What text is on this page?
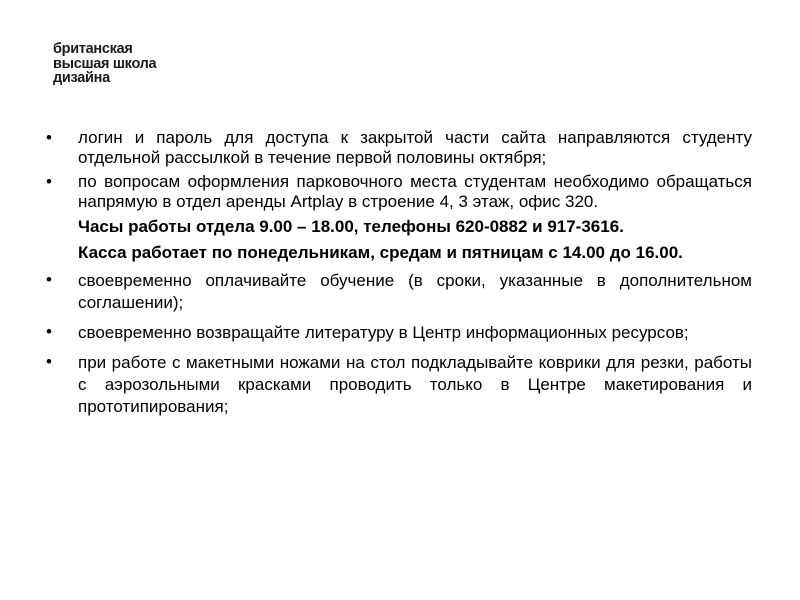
британская
высшая школа
дизайна
•	логин и пароль для доступа к закрытой части сайта направляются студенту отдельной рассылкой в течение первой половины октября;
•	по вопросам оформления парковочного места студентам необходимо обращаться напрямую в отдел аренды Artplay в строение 4, 3 этаж, офис 320.
Часы работы отдела 9.00 – 18.00, телефоны 620-0882 и 917-3616.
Касса работает по понедельникам, средам и пятницам с 14.00 до 16.00.
•	своевременно оплачивайте обучение (в сроки, указанные в дополнительном соглашении);
•	своевременно возвращайте литературу в Центр информационных ресурсов;
•	при работе с макетными ножами на стол подкладывайте коврики для резки, работы с аэрозольными красками проводить только в Центре макетирования и прототипирования;
